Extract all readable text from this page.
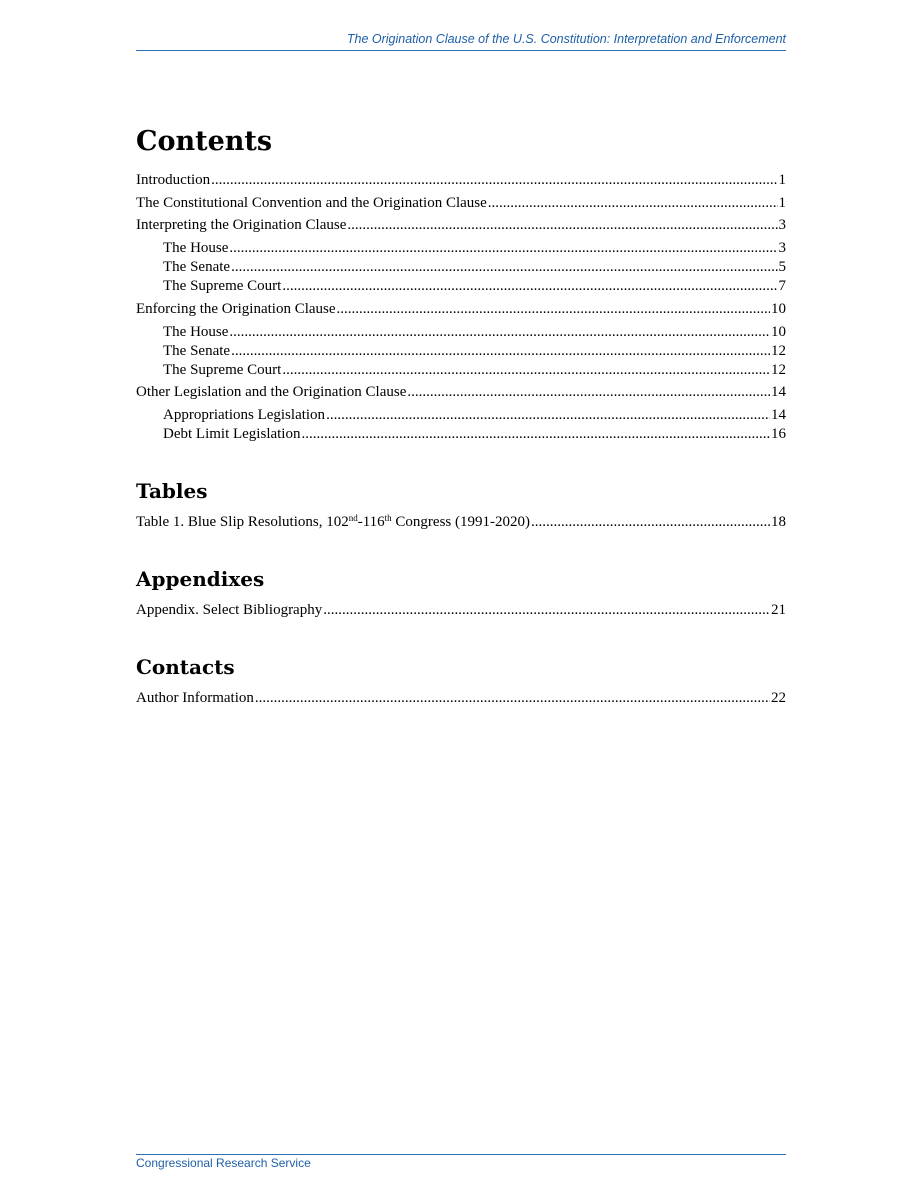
The Origination Clause of the U.S. Constitution: Interpretation and Enforcement
Contents
Introduction .....	1
The Constitutional Convention and the Origination Clause .....	1
Interpreting the Origination Clause .....	3
The House .....	3
The Senate .....	5
The Supreme Court .....	7
Enforcing the Origination Clause .....	10
The House .....	10
The Senate .....	12
The Supreme Court .....	12
Other Legislation and the Origination Clause .....	14
Appropriations Legislation .....	14
Debt Limit Legislation .....	16
Tables
Table 1. Blue Slip Resolutions, 102nd-116th Congress (1991-2020) .....	18
Appendixes
Appendix. Select Bibliography .....	21
Contacts
Author Information .....	22
Congressional Research Service
